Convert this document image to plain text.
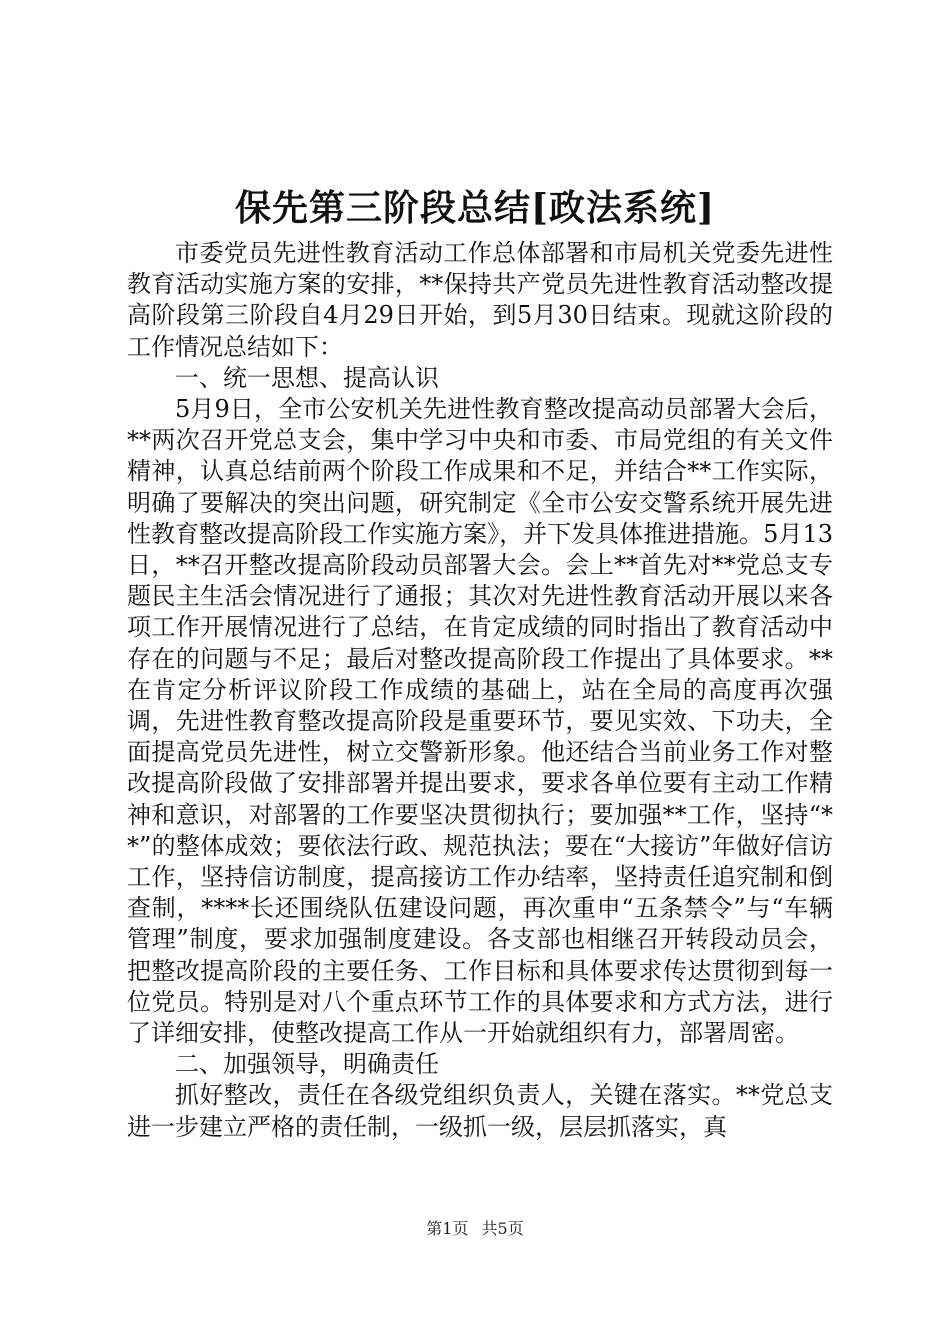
保先第三阶段总结[政法系统]

市委党员先进性教育活动工作总体部署和市局机关党委先进性教育活动实施方案的安排，**保持共产党员先进性教育活动整改提高阶段第三阶段自4月29日开始，到5月30日结束。现就这阶段的工作情况总结如下：

一、统一思想、提高认识

5月9日，全市公安机关先进性教育整改提高动员部署大会后，**两次召开党总支会，集中学习中央和市委、市局党组的有关文件精神，认真总结前两个阶段工作成果和不足，并结合**工作实际，明确了要解决的突出问题，研究制定《全市公安交警系统开展先进性教育整改提高阶段工作实施方案》，并下发具体推进措施。5月13日，**召开整改提高阶段动员部署大会。会上**首先对**党总支专题民主生活会情况进行了通报；其次对先进性教育活动开展以来各项工作开展情况进行了总结，在肯定成绩的同时指出了教育活动中存在的问题与不足；最后对整改提高阶段工作提出了具体要求。**在肯定分析评议阶段工作成绩的基础上，站在全局的高度再次强调，先进性教育整改提高阶段是重要环节，要见实效、下功夫，全面提高党员先进性，树立交警新形象。他还结合当前业务工作对整改提高阶段做了安排部署并提出要求，要求各单位要有主动工作精神和意识，对部署的工作要坚决贯彻执行；要加强**工作，坚持“**”的整体成效；要依法行政、规范执法；要在“大接访”年做好信访工作，坚持信访制度，提高接访工作办结率，坚持责任追究制和倒查制，****长还围绕队伍建设问题，再次重申“五条禁令”与“车辆管理”制度，要求加强制度建设。各支部也相继召开转段动员会，把整改提高阶段的主要任务、工作目标和具体要求传达贯彻到每一位党员。特别是对八个重点环节工作的具体要求和方式方法，进行了详细安排，使整改提高工作从一开始就组织有力，部署周密。

二、加强领导，明确责任

抓好整改，责任在各级党组织负责人，关键在落实。**党总支进一步建立严格的责任制，一级抓一级，层层抓落实，真

第1页 共5页
